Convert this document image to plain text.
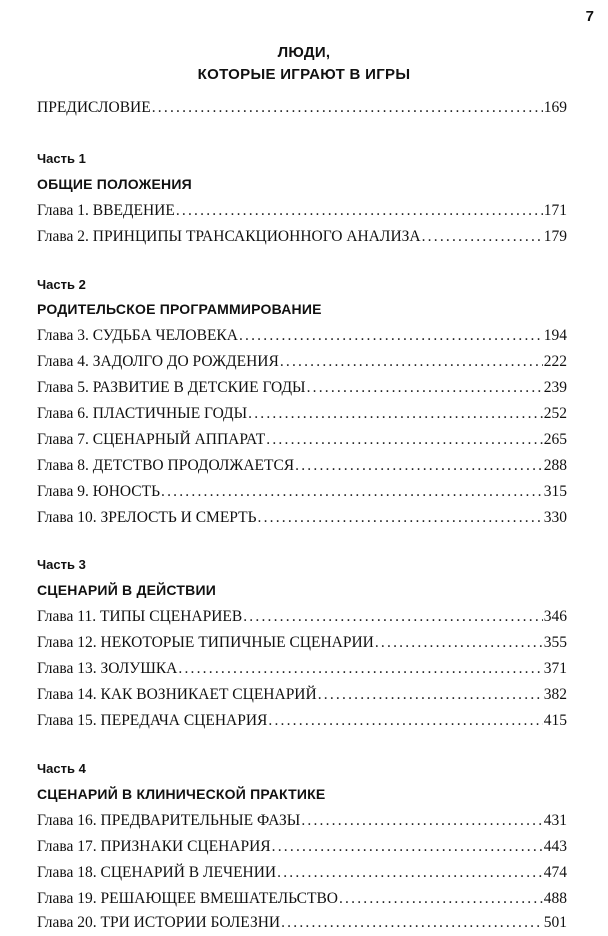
7
ЛЮДИ,
КОТОРЫЕ ИГРАЮТ В ИГРЫ
ПРЕДИСЛОВИЕ .....	169
Часть 1
ОБЩИЕ ПОЛОЖЕНИЯ
Глава 1. ВВЕДЕНИЕ .....	171
Глава 2. ПРИНЦИПЫ ТРАНСАКЦИОННОГО АНАЛИЗА .....	179
Часть 2
РОДИТЕЛЬСКОЕ ПРОГРАММИРОВАНИЕ
Глава 3. СУДЬБА ЧЕЛОВЕКА .....	194
Глава 4. ЗАДОЛГО ДО РОЖДЕНИЯ .....	222
Глава 5. РАЗВИТИЕ В ДЕТСКИЕ ГОДЫ .....	239
Глава 6. ПЛАСТИЧНЫЕ ГОДЫ .....	252
Глава 7. СЦЕНАРНЫЙ АППАРАТ .....	265
Глава 8. ДЕТСТВО ПРОДОЛЖАЕТСЯ .....	288
Глава 9. ЮНОСТЬ .....	315
Глава 10. ЗРЕЛОСТЬ И СМЕРТЬ .....	330
Часть 3
СЦЕНАРИЙ В ДЕЙСТВИИ
Глава 11. ТИПЫ СЦЕНАРИЕВ .....	346
Глава 12. НЕКОТОРЫЕ ТИПИЧНЫЕ СЦЕНАРИИ .....	355
Глава 13. ЗОЛУШКА .....	371
Глава 14. КАК ВОЗНИКАЕТ СЦЕНАРИЙ .....	382
Глава 15. ПЕРЕДАЧА СЦЕНАРИЯ .....	415
Часть 4
СЦЕНАРИЙ В КЛИНИЧЕСКОЙ ПРАКТИКЕ
Глава 16. ПРЕДВАРИТЕЛЬНЫЕ ФАЗЫ .....	431
Глава 17. ПРИЗНАКИ СЦЕНАРИЯ .....	443
Глава 18. СЦЕНАРИЙ В ЛЕЧЕНИИ .....	474
Глава 19. РЕШАЮЩЕЕ ВМЕШАТЕЛЬСТВО .....	488
Глава 20. ТРИ ИСТОРИИ БОЛЕЗНИ .....	501
